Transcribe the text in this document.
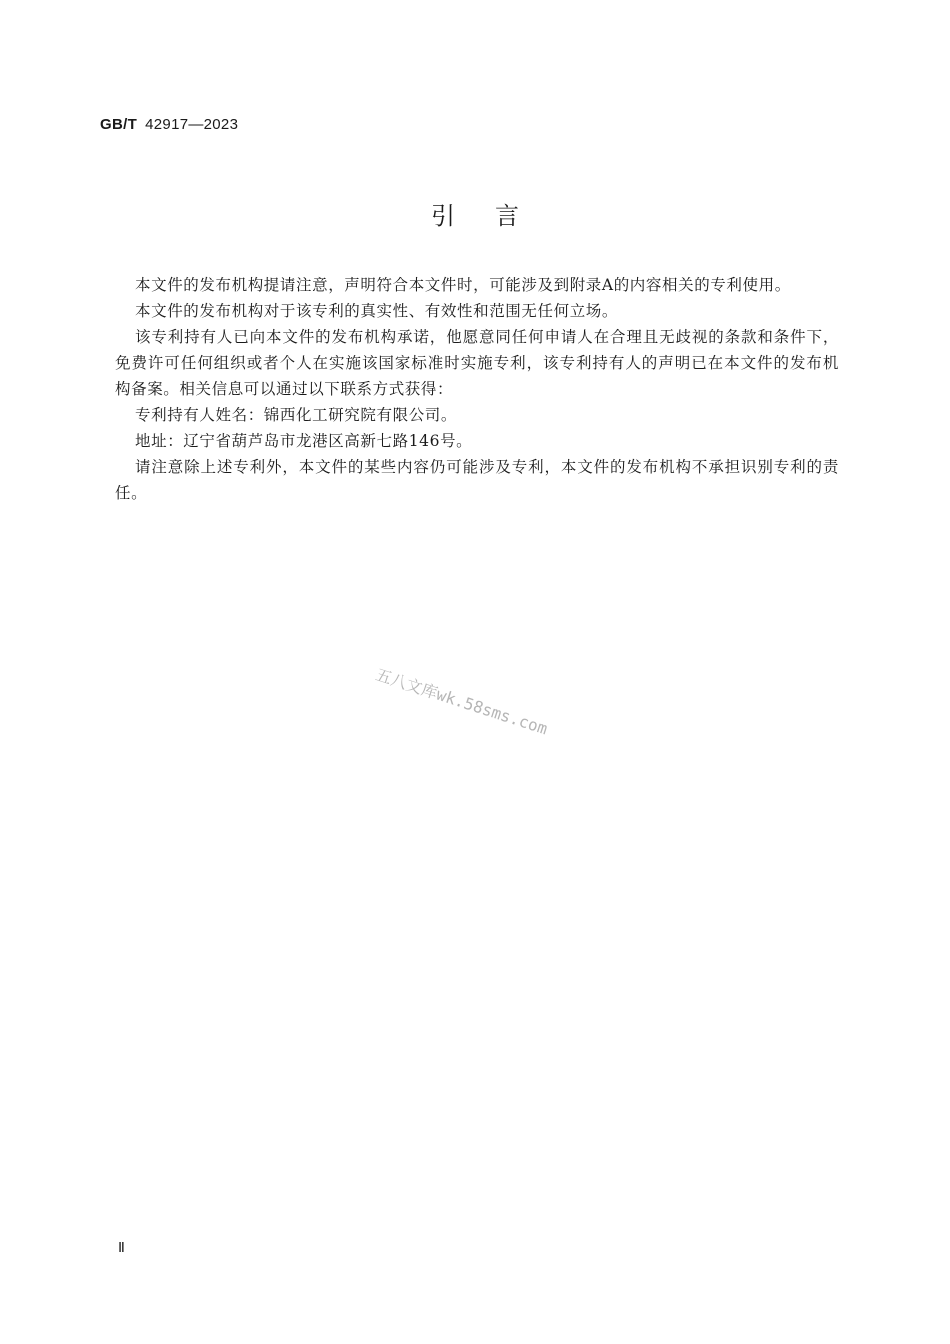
GB/T 42917—2023
引言

本文件的发布机构提请注意，声明符合本文件时，可能涉及到附录A的内容相关的专利使用。

本文件的发布机构对于该专利的真实性、有效性和范围无任何立场。

该专利持有人已向本文件的发布机构承诺，他愿意同任何申请人在合理且无歧视的条款和条件下，免费许可任何组织或者个人在实施该国家标准时实施专利，该专利持有人的声明已在本文件的发布机构备案。相关信息可以通过以下联系方式获得：

专利持有人姓名：锦西化工研究院有限公司。

地址：辽宁省葫芦岛市龙港区高新七路146号。

请注意除上述专利外，本文件的某些内容仍可能涉及专利，本文件的发布机构不承担识别专利的责任。

五八文库wk.58sms.com
Ⅱ
